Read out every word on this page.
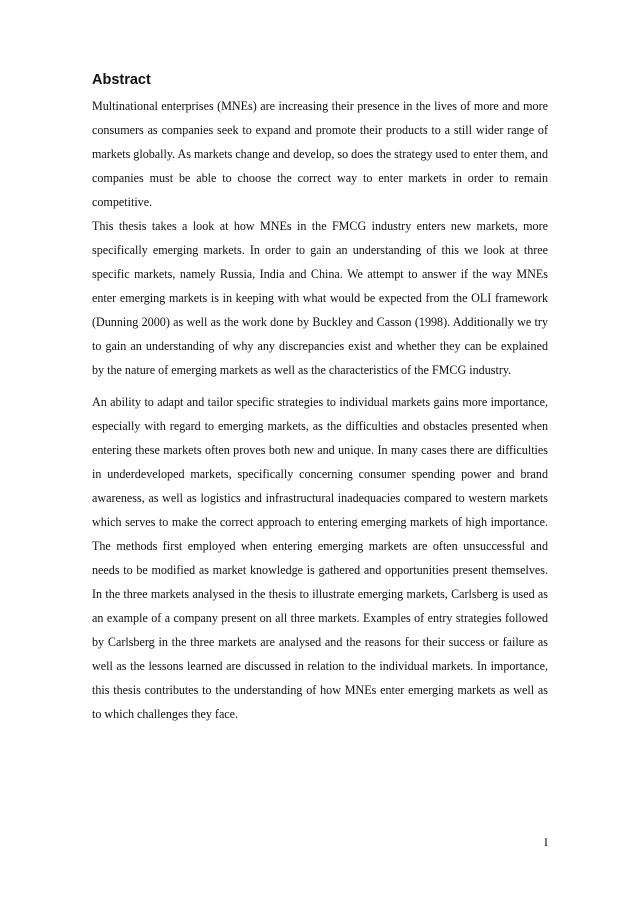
Abstract

Multinational enterprises (MNEs) are increasing their presence in the lives of more and more consumers as companies seek to expand and promote their products to a still wider range of markets globally. As markets change and develop, so does the strategy used to enter them, and companies must be able to choose the correct way to enter markets in order to remain competitive.

This thesis takes a look at how MNEs in the FMCG industry enters new markets, more specifically emerging markets. In order to gain an understanding of this we look at three specific markets, namely Russia, India and China. We attempt to answer if the way MNEs enter emerging markets is in keeping with what would be expected from the OLI framework (Dunning 2000) as well as the work done by Buckley and Casson (1998). Additionally we try to gain an understanding of why any discrepancies exist and whether they can be explained by the nature of emerging markets as well as the characteristics of the FMCG industry.

An ability to adapt and tailor specific strategies to individual markets gains more importance, especially with regard to emerging markets, as the difficulties and obstacles presented when entering these markets often proves both new and unique. In many cases there are difficulties in underdeveloped markets, specifically concerning consumer spending power and brand awareness, as well as logistics and infrastructural inadequacies compared to western markets which serves to make the correct approach to entering emerging markets of high importance. The methods first employed when entering emerging markets are often unsuccessful and needs to be modified as market knowledge is gathered and opportunities present themselves. In the three markets analysed in the thesis to illustrate emerging markets, Carlsberg is used as an example of a company present on all three markets. Examples of entry strategies followed by Carlsberg in the three markets are analysed and the reasons for their success or failure as well as the lessons learned are discussed in relation to the individual markets. In importance, this thesis contributes to the understanding of how MNEs enter emerging markets as well as to which challenges they face.

I
